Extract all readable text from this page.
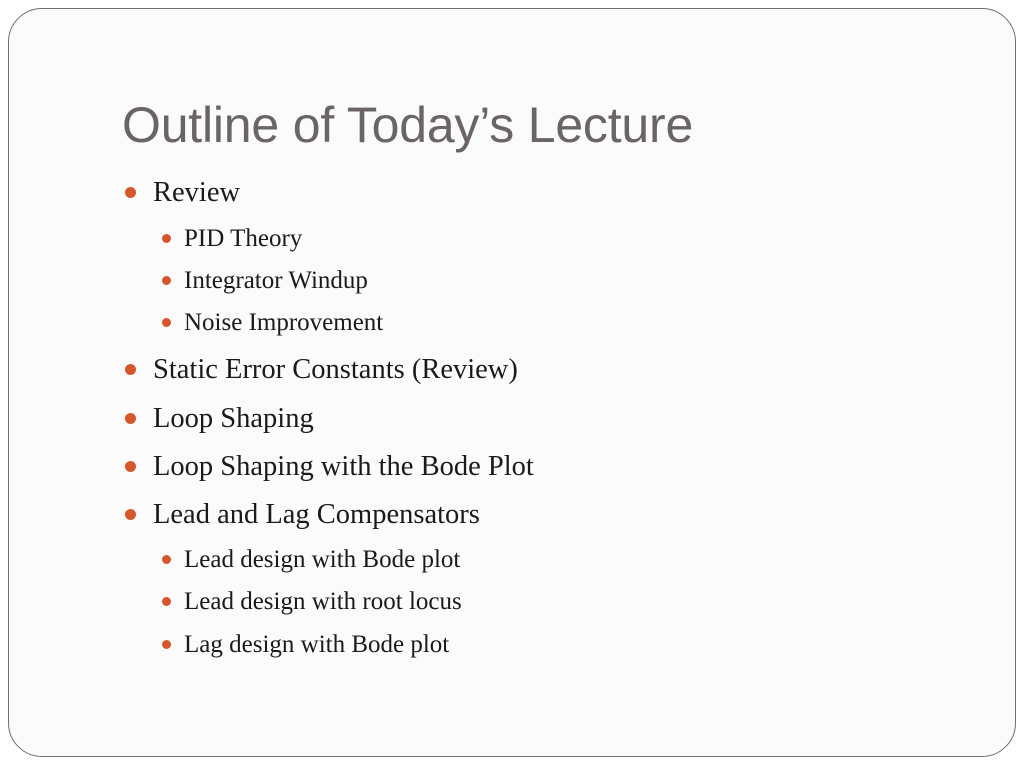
Outline of Today’s Lecture
Review
PID Theory
Integrator Windup
Noise Improvement
Static Error Constants (Review)
Loop Shaping
Loop Shaping with the Bode Plot
Lead and Lag Compensators
Lead design with Bode plot
Lead design with root locus
Lag design with Bode plot
